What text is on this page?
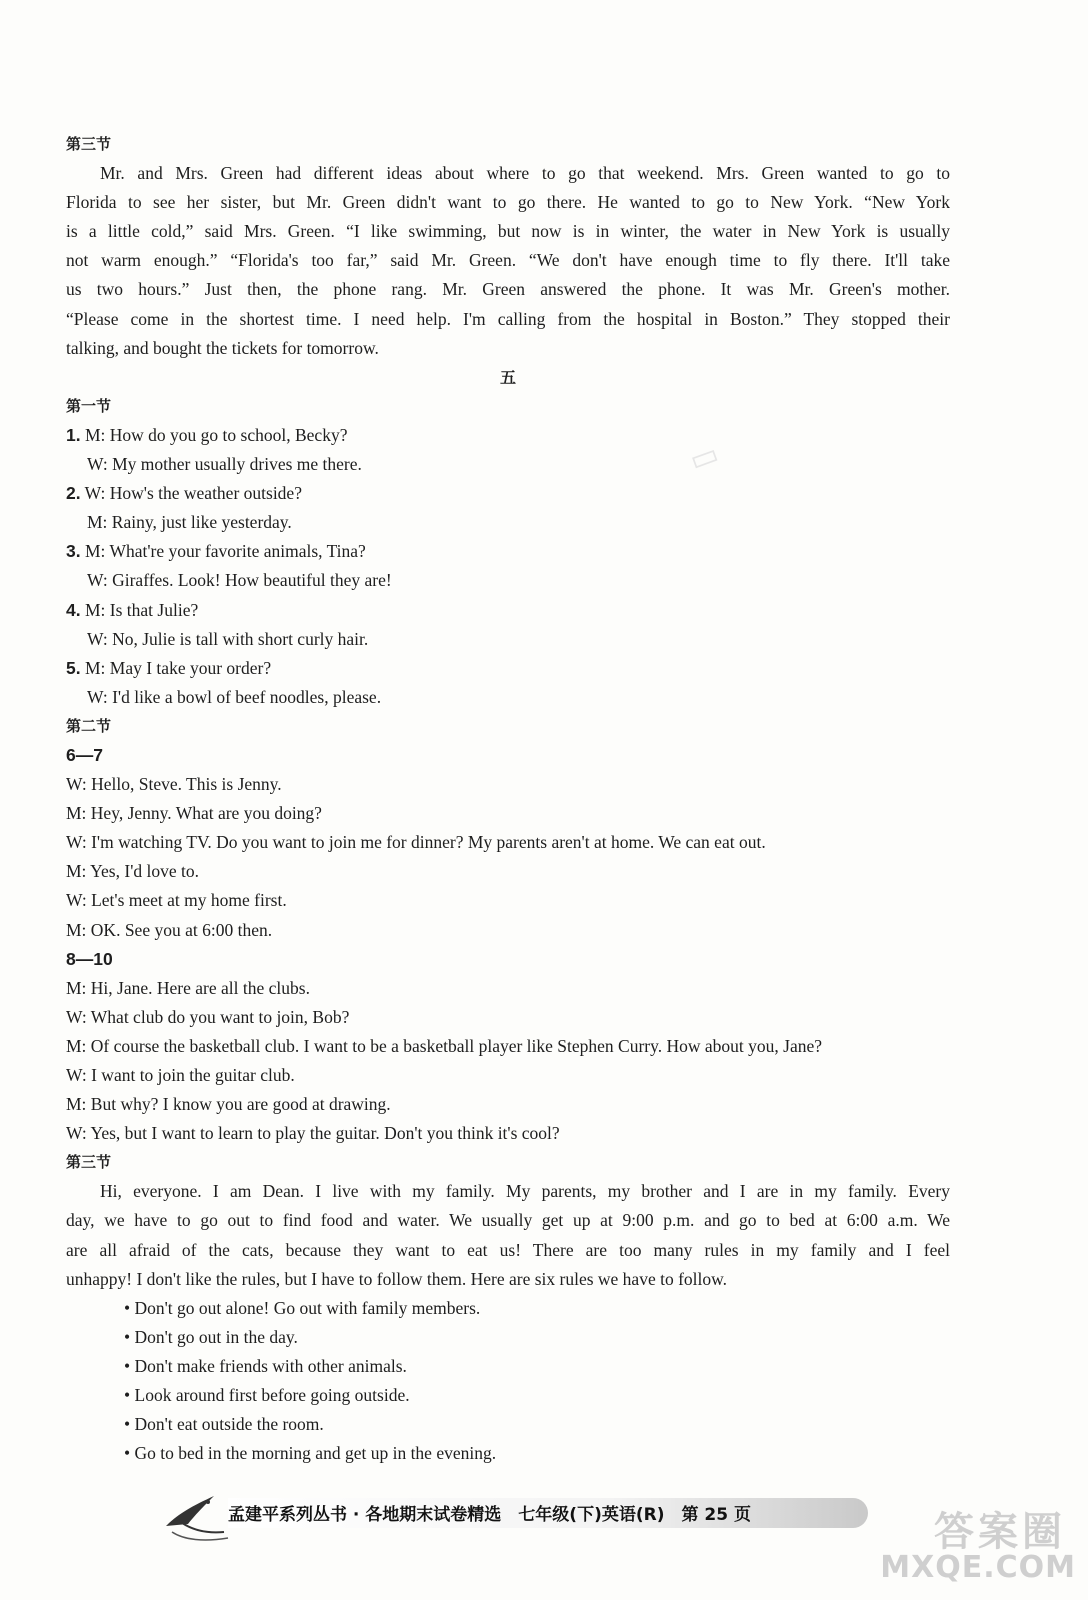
第三节
Mr. and Mrs. Green had different ideas about where to go that weekend. Mrs. Green wanted to go to
Florida to see her sister, but Mr. Green didn't want to go there. He wanted to go to New York. “New York
is a little cold,” said Mrs. Green. “I like swimming, but now is in winter, the water in New York is usually
not warm enough.” “Florida's too far,” said Mr. Green. “We don't have enough time to fly there. It'll take
us two hours.” Just then, the phone rang. Mr. Green answered the phone. It was Mr. Green's mother.
“Please come in the shortest time. I need help. I'm calling from the hospital in Boston.” They stopped their
talking, and bought the tickets for tomorrow.
五
第一节
1. M: How do you go to school, Becky?
W: My mother usually drives me there.
2. W: How's the weather outside?
M: Rainy, just like yesterday.
3. M: What're your favorite animals, Tina?
W: Giraffes. Look! How beautiful they are!
4. M: Is that Julie?
W: No, Julie is tall with short curly hair.
5. M: May I take your order?
W: I'd like a bowl of beef noodles, please.
第二节
6—7
W: Hello, Steve. This is Jenny.
M: Hey, Jenny. What are you doing?
W: I'm watching TV. Do you want to join me for dinner? My parents aren't at home. We can eat out.
M: Yes, I'd love to.
W: Let's meet at my home first.
M: OK. See you at 6:00 then.
8—10
M: Hi, Jane. Here are all the clubs.
W: What club do you want to join, Bob?
M: Of course the basketball club. I want to be a basketball player like Stephen Curry. How about you, Jane?
W: I want to join the guitar club.
M: But why? I know you are good at drawing.
W: Yes, but I want to learn to play the guitar. Don't you think it's cool?
第三节
Hi, everyone. I am Dean. I live with my family. My parents, my brother and I are in my family. Every
day, we have to go out to find food and water. We usually get up at 9:00 p.m. and go to bed at 6:00 a.m. We
are all afraid of the cats, because they want to eat us! There are too many rules in my family and I feel
unhappy! I don't like the rules, but I have to follow them. Here are six rules we have to follow.
• Don't go out alone! Go out with family members.
• Don't go out in the day.
• Don't make friends with other animals.
• Look around first before going outside.
• Don't eat outside the room.
• Go to bed in the morning and get up in the evening.
▭
孟建平系列丛书 · 各地期末试卷精选　七年级(下)英语(R)　第 25 页	答案圈
MXQE.COM
